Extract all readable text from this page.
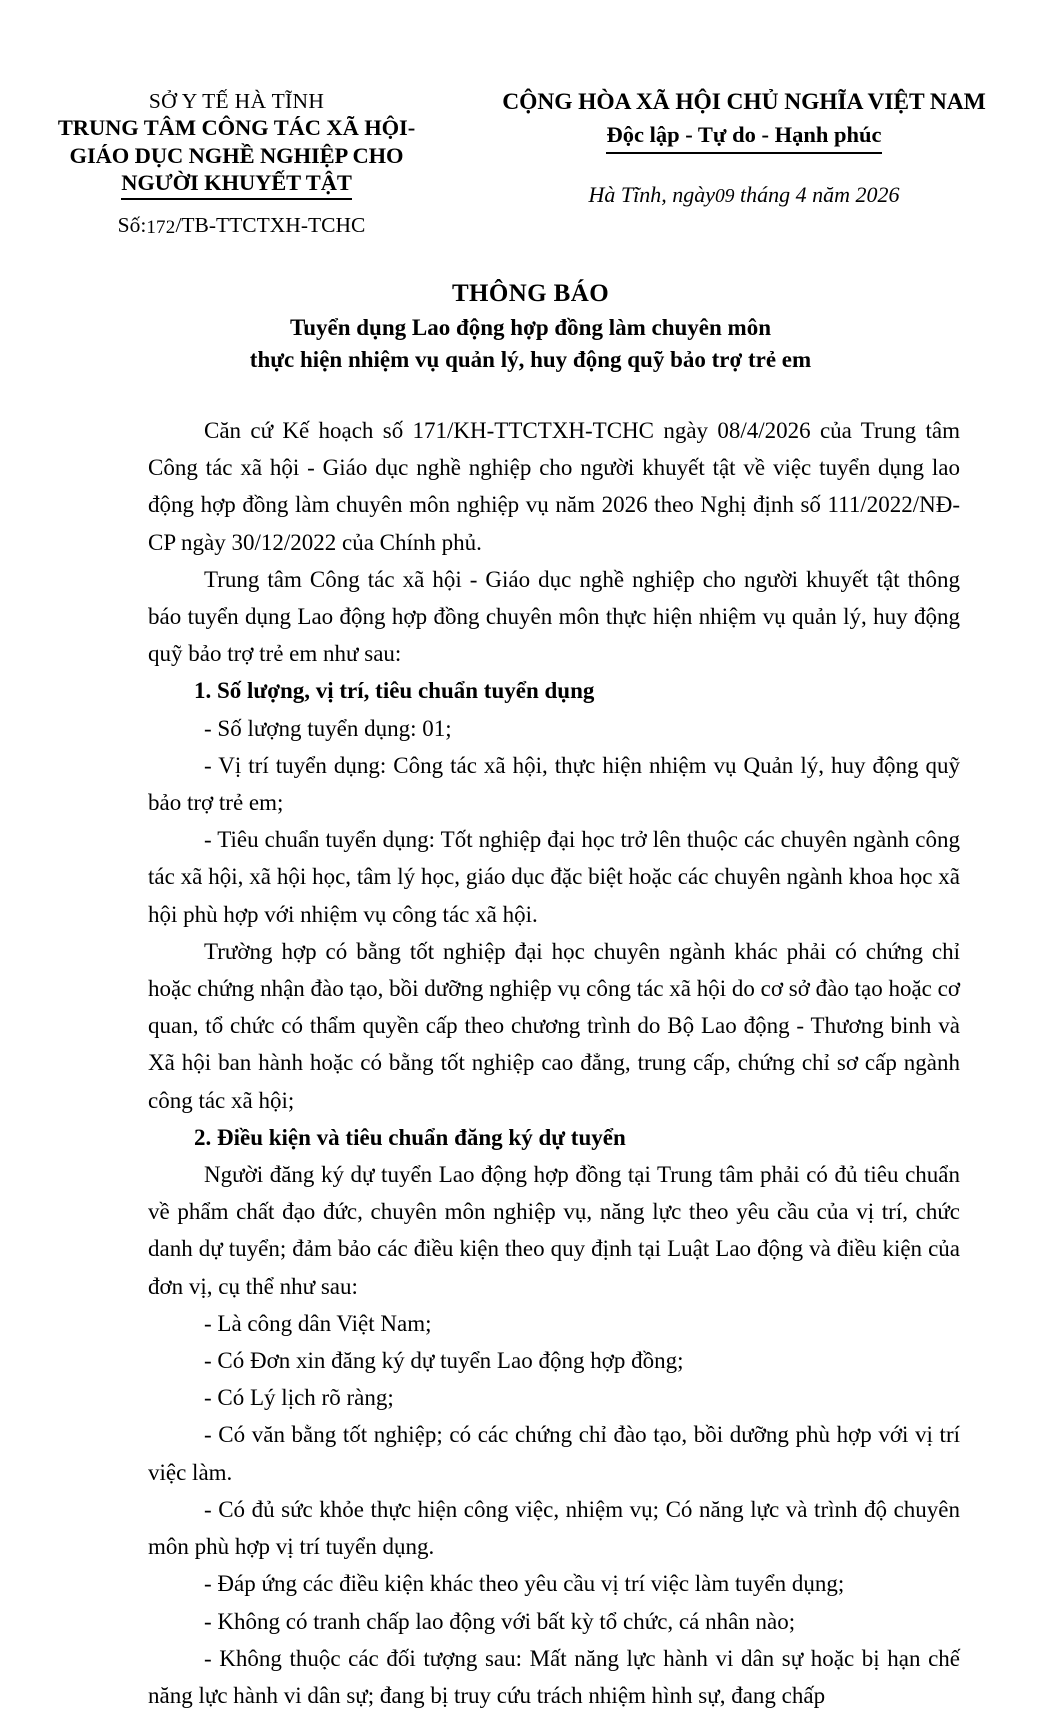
SỞ Y TẾ HÀ TĨNH
TRUNG TÂM CÔNG TÁC XÃ HỘI-
GIÁO DỤC NGHỀ NGHIỆP CHO
NGƯỜI KHUYẾT TẬT
Số:172/TB-TTCTXH-TCHC
CỘNG HÒA XÃ HỘI CHỦ NGHĨA VIỆT NAM
Độc lập - Tự do - Hạnh phúc
Hà Tĩnh, ngày09 tháng 4 năm 2026
THÔNG BÁO
Tuyển dụng Lao động hợp đồng làm chuyên môn
thực hiện nhiệm vụ quản lý, huy động quỹ bảo trợ trẻ em

Căn cứ Kế hoạch số 171/KH-TTCTXH-TCHC ngày 08/4/2026 của Trung tâm Công tác xã hội - Giáo dục nghề nghiệp cho người khuyết tật về việc tuyển dụng lao động hợp đồng làm chuyên môn nghiệp vụ năm 2026 theo Nghị định số 111/2022/NĐ-CP ngày 30/12/2022 của Chính phủ.

Trung tâm Công tác xã hội - Giáo dục nghề nghiệp cho người khuyết tật thông báo tuyển dụng Lao động hợp đồng chuyên môn thực hiện nhiệm vụ quản lý, huy động quỹ bảo trợ trẻ em như sau:

1. Số lượng, vị trí, tiêu chuẩn tuyển dụng

- Số lượng tuyển dụng: 01;

- Vị trí tuyển dụng: Công tác xã hội, thực hiện nhiệm vụ Quản lý, huy động quỹ bảo trợ trẻ em;

- Tiêu chuẩn tuyển dụng: Tốt nghiệp đại học trở lên thuộc các chuyên ngành công tác xã hội, xã hội học, tâm lý học, giáo dục đặc biệt hoặc các chuyên ngành khoa học xã hội phù hợp với nhiệm vụ công tác xã hội.

Trường hợp có bằng tốt nghiệp đại học chuyên ngành khác phải có chứng chỉ hoặc chứng nhận đào tạo, bồi dưỡng nghiệp vụ công tác xã hội do cơ sở đào tạo hoặc cơ quan, tổ chức có thẩm quyền cấp theo chương trình do Bộ Lao động - Thương binh và Xã hội ban hành hoặc có bằng tốt nghiệp cao đẳng, trung cấp, chứng chỉ sơ cấp ngành công tác xã hội;

2. Điều kiện và tiêu chuẩn đăng ký dự tuyển

Người đăng ký dự tuyển Lao động hợp đồng tại Trung tâm phải có đủ tiêu chuẩn về phẩm chất đạo đức, chuyên môn nghiệp vụ, năng lực theo yêu cầu của vị trí, chức danh dự tuyển; đảm bảo các điều kiện theo quy định tại Luật Lao động và điều kiện của đơn vị, cụ thể như sau:

- Là công dân Việt Nam;

- Có Đơn xin đăng ký dự tuyển Lao động hợp đồng;

- Có Lý lịch rõ ràng;

- Có văn bằng tốt nghiệp; có các chứng chỉ đào tạo, bồi dưỡng phù hợp với vị trí việc làm.

- Có đủ sức khỏe thực hiện công việc, nhiệm vụ; Có năng lực và trình độ chuyên môn phù hợp vị trí tuyển dụng.

- Đáp ứng các điều kiện khác theo yêu cầu vị trí việc làm tuyển dụng;

- Không có tranh chấp lao động với bất kỳ tổ chức, cá nhân nào;

- Không thuộc các đối tượng sau: Mất năng lực hành vi dân sự hoặc bị hạn chế năng lực hành vi dân sự; đang bị truy cứu trách nhiệm hình sự, đang chấp
